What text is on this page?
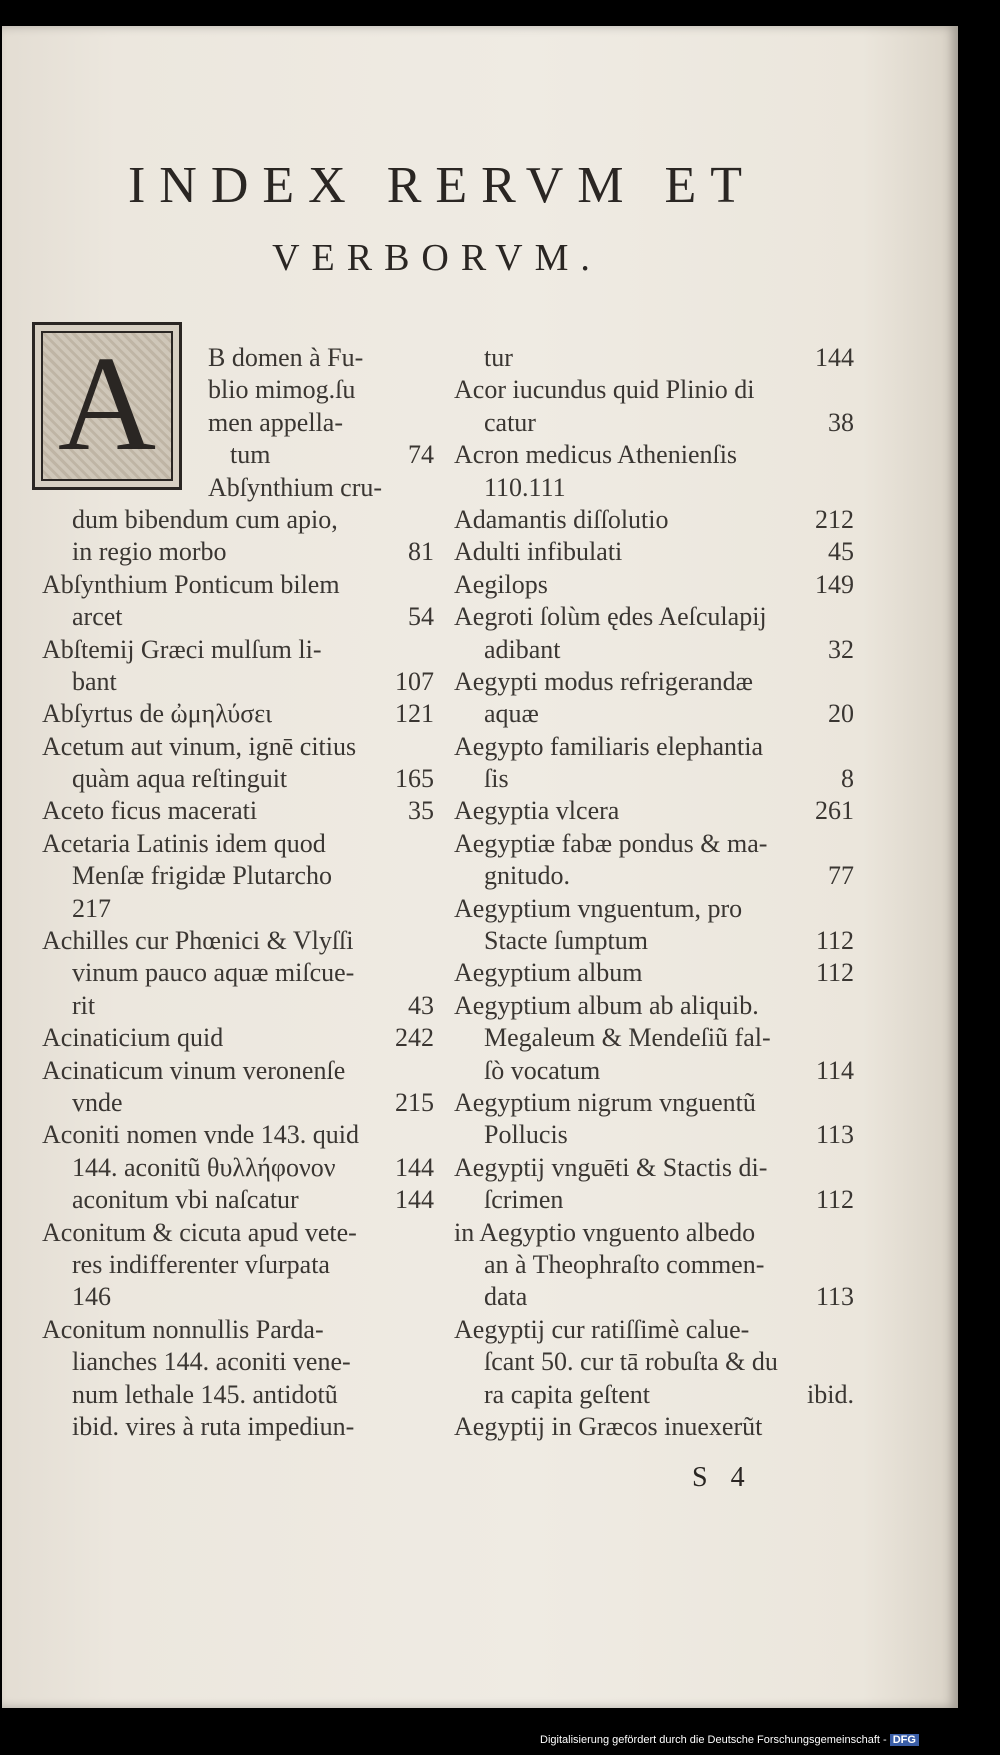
INDEX RERVM ET
VERBORVM.
A	B domen à Fu-
blio mimog.ſu
men appella-
tum	74
Abſynthium cru-
dum bibendum cum apio,
in regio morbo	81
Abſynthium Ponticum bilem
arcet	54
Abſtemij Græci mulſum li-
bant	107
Abſyrtus de ὠμηλύσει	121
Acetum aut vinum, ignē citius
quàm aqua reſtinguit	165
Aceto ficus macerati	35
Acetaria Latinis idem quod
Menſæ frigidæ Plutarcho
217
Achilles cur Phœnici & Vlyſſi
vinum pauco aquæ miſcue-
rit	43
Acinaticium quid	242
Acinaticum vinum veronenſe
vnde	215
Aconiti nomen vnde 143. quid
144. aconitũ θυλλήφονον 144
aconitum vbi naſcatur	144
Aconitum & cicuta apud vete-
res indifferenter vſurpata
146
Aconitum nonnullis Parda-
lianches 144. aconiti vene-
num lethale 145. antidotũ
ibid. vires à ruta impediun-
tur	144
Acor iucundus quid Plinio di
catur	38
Acron medicus Athenienſis
110.111
Adamantis diſſolutio	212
Adulti infibulati	45
Aegilops	149
Aegroti ſolùm ędes Aeſculapij
adibant	32
Aegypti modus refrigerandæ
aquæ	20
Aegypto familiaris elephantia
ſis	8
Aegyptia vlcera	261
Aegyptiæ fabæ pondus & ma-
gnitudo.	77
Aegyptium vnguentum, pro
Stacte ſumptum	112
Aegyptium album	112
Aegyptium album ab aliquib.
Megaleum & Mendeſiũ fal-
ſò vocatum	114
Aegyptium nigrum vnguentũ
Pollucis	113
Aegyptij vnguēti & Stactis di-
ſcrimen	112
in Aegyptio vnguento albedo
an à Theophraſto commen-
data	113
Aegyptij cur ratiſſimè calue-
ſcant 50. cur tā robuſta & du
ra capita geſtent	ibid.
Aegyptij in Græcos inuexerũt
S 4
Digitalisierung gefördert durch die Deutsche Forschungsgemeinschaft - DFG
